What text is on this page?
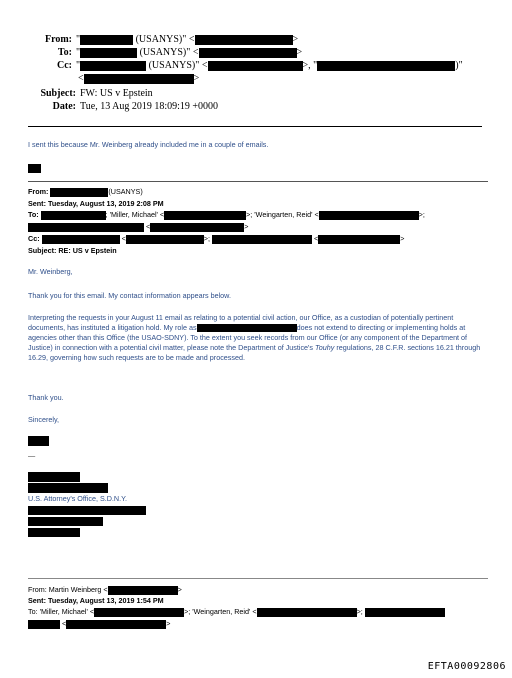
From: "	(USANYS)" <	>
To: "	(USANYS)" <	>
Cc: "	(USANYS)" <	>, "	)"
<	>
Subject: FW: US v Epstein
Date: Tue, 13 Aug 2019 18:09:19 +0000
I sent this because Mr. Weinberg already included me in a couple of emails.
From:	(USANYS)
Sent: Tuesday, August 13, 2019 2:08 PM
To:	; 'Miller, Michael' <	>; 'Weingarten, Reid' <	>;
<	>
Cc:	<	>;	<	>
Subject: RE: US v Epstein
Mr. Weinberg,
Thank you for this email. My contact information appears below.
Interpreting the requests in your August 11 email as relating to a potential civil action, our Office, as a custodian of potentially pertinent documents, has instituted a litigation hold. My role as	does not extend to directing or implementing holds at agencies other than this Office (the USAO-SDNY). To the extent you seek records from our Office (or any component of the Department of Justice) in connection with a potential civil matter, please note the Department of Justice's Touhy regulations, 28 C.F.R. sections 16.21 through 16.29, governing how such requests are to be made and processed.
Thank you.
Sincerely,
—
U.S. Attorney's Office, S.D.N.Y.
From: Martin Weinberg <	>
Sent: Tuesday, August 13, 2019 1:54 PM
To: 'Miller, Michael' <	>; 'Weingarten, Reid' <	>;
<	>
EFTA00092806
